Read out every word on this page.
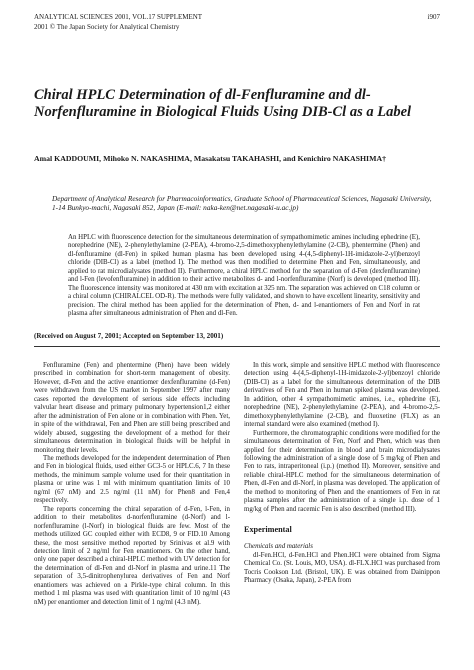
ANALYTICAL SCIENCES 2001, VOL.17 SUPPLEMENT
2001 © The Japan Society for Analytical Chemistry
i907
Chiral HPLC Determination of dl-Fenfluramine and dl-Norfenfluramine in Biological Fluids Using DIB-Cl as a Label
Amal KADDOUMI, Mihoko N. NAKASHIMA, Masakatsu TAKAHASHI, and Kenichiro NAKASHIMA†
Department of Analytical Research for Pharmacoinformatics, Graduate School of Pharmaceutical Sciences, Nagasaki University, 1-14 Bunkyo-machi, Nagasaki 852, Japan (E-mail: naka-ken@net.nagasaki-u.ac.jp)
An HPLC with fluorescence detection for the simultaneous determination of sympathomimetic amines including ephedrine (E), norephedrine (NE), 2-phenylethylamine (2-PEA), 4-bromo-2,5-dimethoxyphenylethylamine (2-CB), phentermine (Phen) and dl-fenfluramine (dl-Fen) in spiked human plasma has been developed using 4-(4,5-diphenyl-1H-imidazole-2-yl)benzoyl chloride (DIB-Cl) as a label (method I). The method was then modified to determine Phen and Fen, simultaneously, and applied to rat microdialysates (method II). Furthermore, a chiral HPLC method for the separation of d-Fen (dexfenfluramine) and l-Fen (levofenfluramine) in addition to their active metabolites d- and l-norfenfluramine (Norf) is developed (method III). The fluorescence intensity was monitored at 430 nm with excitation at 325 nm. The separation was achieved on C18 column or a chiral column (CHIRALCEL OD-R). The methods were fully validated, and shown to have excellent linearity, sensitivity and precision. The chiral method has been applied for the determination of Phen, d- and l-enantiomers of Fen and Norf in rat plasma after simultaneous administration of Phen and dl-Fen.
(Received on August 7, 2001; Accepted on September 13, 2001)

Fenfluramine (Fen) and phentermine (Phen) have been widely prescribed in combination for short-term management of obesity. However, dl-Fen and the active enantiomer dexfenfluramine (d-Fen) were withdrawn from the US market in September 1997 after many cases reported the development of serious side effects including valvular heart disease and primary pulmonary hypertension1,2 either after the administration of Fen alone or in combination with Phen. Yet, in spite of the withdrawal, Fen and Phen are still being prescribed and widely abused, suggesting the development of a method for their simultaneous determination in biological fluids will be helpful in monitoring their levels.

The methods developed for the independent determination of Phen and Fen in biological fluids, used either GC3-5 or HPLC.6, 7 In these methods, the minimum sample volume used for their quantitation in plasma or urine was 1 ml with minimum quantitation limits of 10 ng/ml (67 nM) and 2.5 ng/ml (11 nM) for Phen8 and Fen,4 respectively.

The reports concerning the chiral separation of d-Fen, l-Fen, in addition to their metabolites d-norfenfluramine (d-Norf) and l-norfenfluramine (l-Norf) in biological fluids are few. Most of the methods utilized GC coupled either with ECD8, 9 or FID.10 Among these, the most sensitive method reported by Srinivas et al.9 with detection limit of 2 ng/ml for Fen enantiomers. On the other hand, only one paper described a chiral-HPLC method with UV detection for the determination of dl-Fen and dl-Norf in plasma and urine.11 The separation of 3,5-dinitrophenylurea derivatives of Fen and Norf enantiomers was achieved on a Pirkle-type chiral column. In this method 1 ml plasma was used with quantitation limit of 10 ng/ml (43 nM) per enantiomer and detection limit of 1 ng/ml (4.3 nM).

In this work, simple and sensitive HPLC method with fluorescence detection using 4-(4,5-diphenyl-1H-imidazole-2-yl)benzoyl chloride (DIB-Cl) as a label for the simultaneous determination of the DIB derivatives of Fen and Phen in human spiked plasma was developed. In addition, other 4 sympathomimetic amines, i.e., ephedrine (E), norephedrine (NE), 2-phenylethylamine (2-PEA), and 4-bromo-2,5-dimethoxyphenylethylamine (2-CB), and fluoxetine (FLX) as an internal standard were also examined (method I).

Furthermore, the chromatographic conditions were modified for the simultaneous determination of Fen, Norf and Phen, which was then applied for their determination in blood and brain microdialysates following the administration of a single dose of 5 mg/kg of Phen and Fen to rats, intraperitoneal (i.p.) (method II). Moreover, sensitive and reliable chiral-HPLC method for the simultaneous determination of Phen, dl-Fen and dl-Norf, in plasma was developed. The application of the method to monitoring of Phen and the enantiomers of Fen in rat plasma samples after the administration of a single i.p. dose of 1 mg/kg of Phen and racemic Fen is also described (method III).

Experimental

Chemicals and materials

dl-Fen.HCl, d-Fen.HCl and Phen.HCl were obtained from Sigma Chemical Co. (St. Louis, MO, USA). dl-FLX.HCl was purchased from Tocris Cookson Ltd. (Bristol, UK). E was obtained from Dainippon Pharmacy (Osaka, Japan), 2-PEA from
